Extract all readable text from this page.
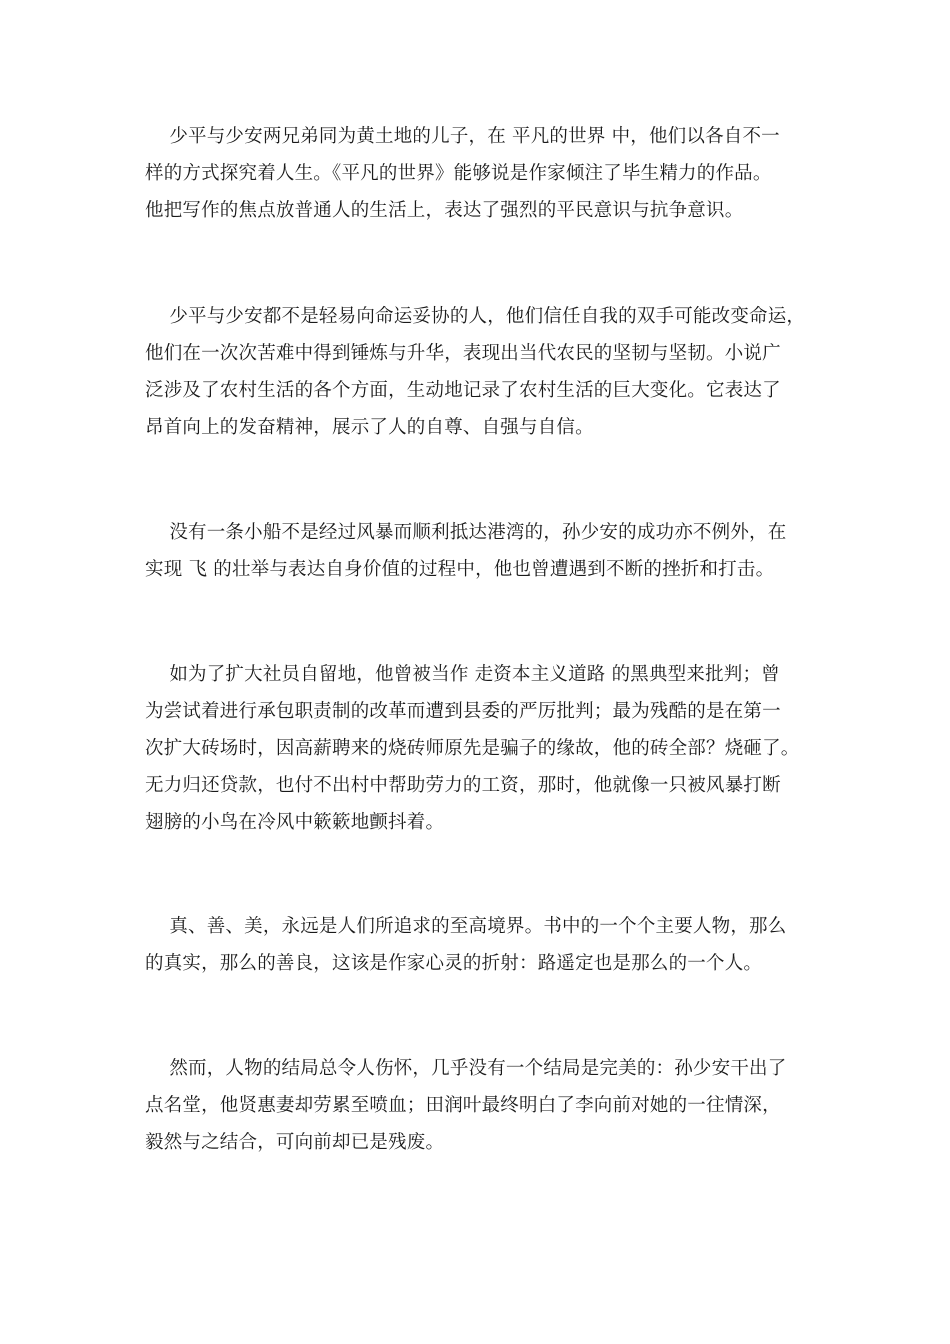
少平与少安两兄弟同为黄土地的儿子，在 平凡的世界 中，他们以各自不一
样的方式探究着人生。《平凡的世界》能够说是作家倾注了毕生精力的作品。
他把写作的焦点放普通人的生活上，表达了强烈的平民意识与抗争意识。
少平与少安都不是轻易向命运妥协的人，他们信任自我的双手可能改变命运，
他们在一次次苦难中得到锤炼与升华，表现出当代农民的坚韧与坚韧。小说广
泛涉及了农村生活的各个方面，生动地记录了农村生活的巨大变化。它表达了
昂首向上的发奋精神，展示了人的自尊、自强与自信。
没有一条小船不是经过风暴而顺利抵达港湾的，孙少安的成功亦不例外，在
实现 飞 的壮举与表达自身价值的过程中，他也曾遭遇到不断的挫折和打击。
如为了扩大社员自留地，他曾被当作 走资本主义道路 的黑典型来批判；曾
为尝试着进行承包职责制的改革而遭到县委的严厉批判；最为残酷的是在第一
次扩大砖场时，因高薪聘来的烧砖师原先是骗子的缘故，他的砖全部？烧砸了。
无力归还贷款，也付不出村中帮助劳力的工资，那时，他就像一只被风暴打断
翅膀的小鸟在冷风中簌簌地颤抖着。
真、善、美，永远是人们所追求的至高境界。书中的一个个主要人物，那么
的真实，那么的善良，这该是作家心灵的折射：路遥定也是那么的一个人。
然而，人物的结局总令人伤怀，几乎没有一个结局是完美的：孙少安干出了
点名堂，他贤惠妻却劳累至喷血；田润叶最终明白了李向前对她的一往情深，
毅然与之结合，可向前却已是残废。
